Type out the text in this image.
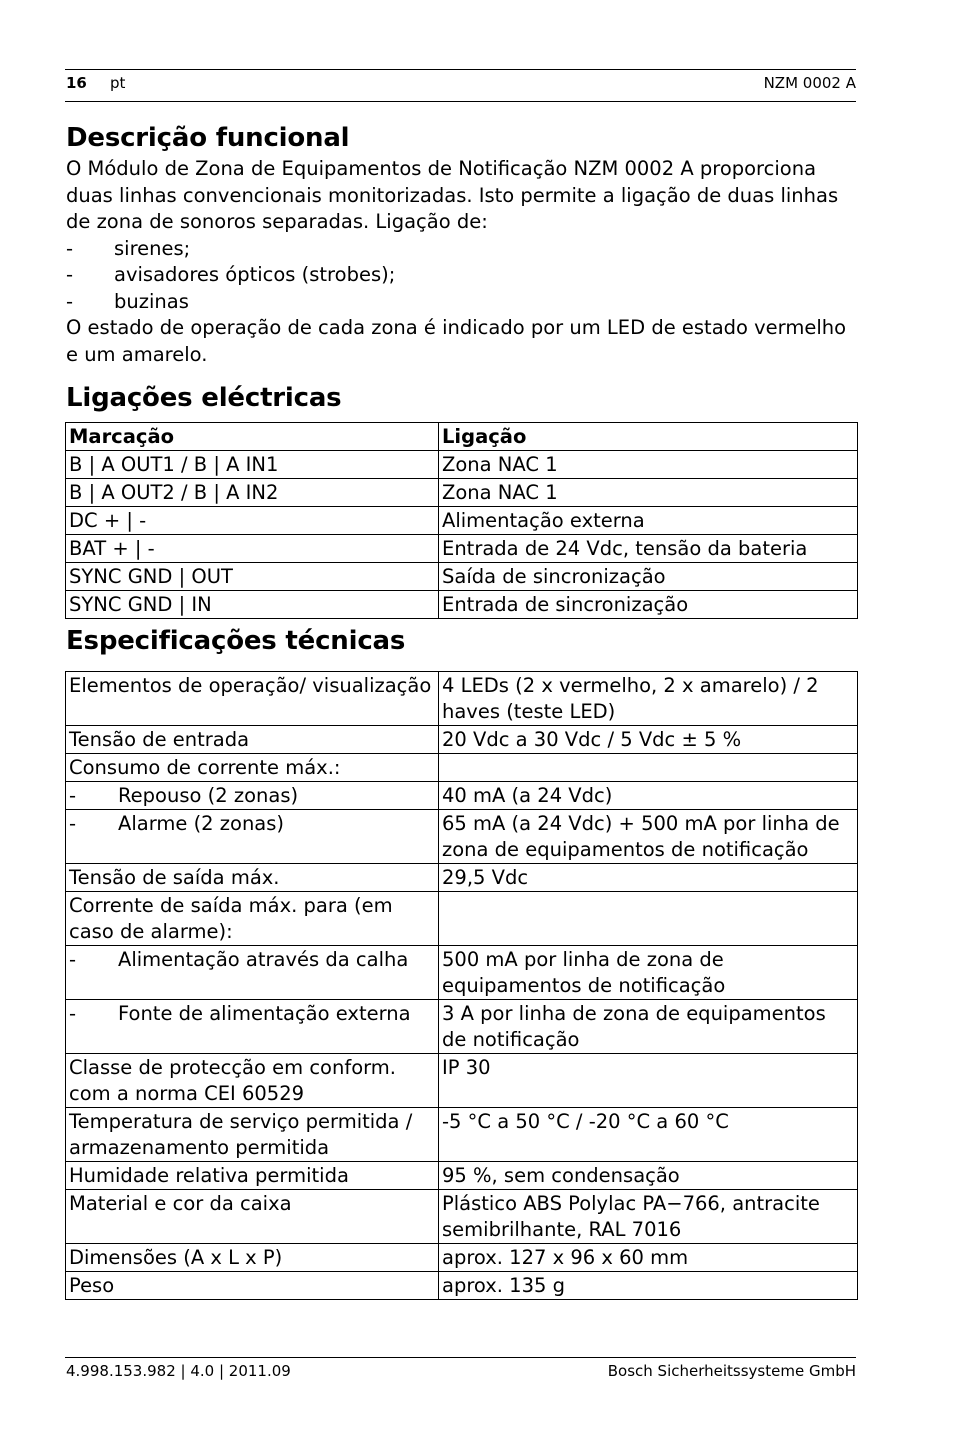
16 pt	NZM 0002 A
Descrição funcional

O Módulo de Zona de Equipamentos de Notificação NZM 0002 A proporciona duas linhas convencionais monitorizadas. Isto permite a ligação de duas linhas de zona de sonoros separadas. Ligação de:

- sirenes;
- avisadores ópticos (strobes);
- buzinas

O estado de operação de cada zona é indicado por um LED de estado vermelho e um amarelo.

Ligações eléctricas
Marcação	Ligação
B | A OUT1 / B | A IN1	Zona NAC 1
B | A OUT2 / B | A IN2	Zona NAC 1
DC + | -	Alimentação externa
BAT + | -	Entrada de 24 Vdc, tensão da bateria
SYNC GND | OUT	Saída de sincronização
SYNC GND | IN	Entrada de sincronização
Especificações técnicas
Elementos de operação/ visualização	4 LEDs (2 x vermelho, 2 x amarelo) / 2 haves (teste LED)
Tensão de entrada	20 Vdc a 30 Vdc / 5 Vdc ± 5 %
Consumo de corrente máx.:	

- Repouso (2 zonas)	40 mA (a 24 Vdc)

- Alarme (2 zonas)	65 mA (a 24 Vdc) + 500 mA por linha de zona de equipamentos de notificação
Tensão de saída máx.	29,5 Vdc
Corrente de saída máx. para (em caso de alarme):	

- Alimentação através da calha	500 mA por linha de zona de equipamentos de notificação

- Fonte de alimentação externa	3 A por linha de zona de equipamentos de notificação
Classe de protecção em conform. com a norma CEI 60529	IP 30
Temperatura de serviço permitida / armazenamento permitida	-5 °C a 50 °C / -20 °C a 60 °C
Humidade relativa permitida	95 %, sem condensação
Material e cor da caixa	Plástico ABS Polylac PA−766, antracite semibrilhante, RAL 7016
Dimensões (A x L x P)	aprox. 127 x 96 x 60 mm
Peso	aprox. 135 g
4.998.153.982 | 4.0 | 2011.09	Bosch Sicherheitssysteme GmbH
